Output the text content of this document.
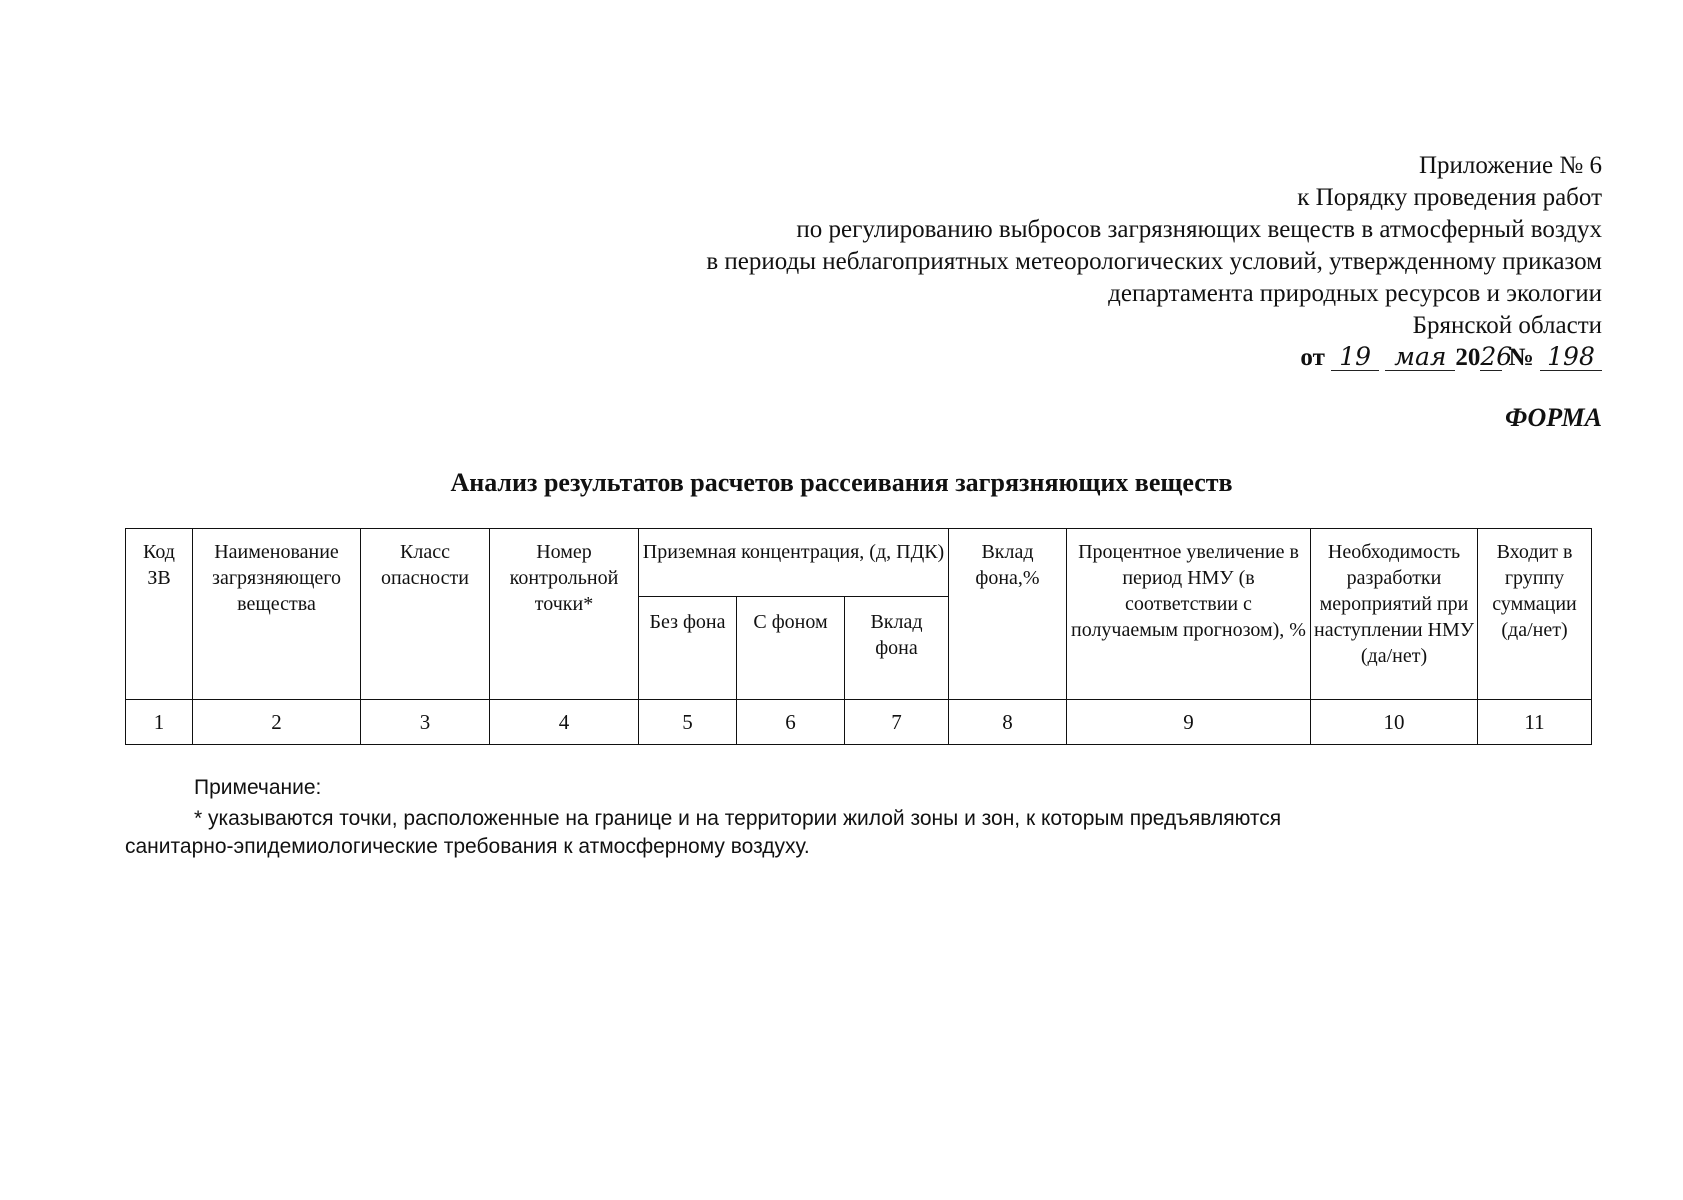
Приложение № 6
к Порядку проведения работ
по регулированию выбросов загрязняющих веществ в атмосферный воздух
в периоды неблагоприятных метеорологических условий, утвержденному приказом
департамента природных ресурсов и экологии
Брянской области
от 19 мая 2026 № 198
ФОРМА
Анализ результатов расчетов рассеивания загрязняющих веществ
Код ЗВ	Наименование загрязняющего вещества	Класс опасности	Номер контрольной точки*	Приземная концентрация, (д, ПДК)			Вклад фона,%	Процентное увеличение в период НМУ (в соответствии с получаемым прогнозом), %	Необходимость разработки мероприятий при наступлении НМУ (да/нет)	Входит в группу суммации (да/нет)
				Без фона	С фоном	Вклад фона				
1	2	3	4	5	6	7	8	9	10	11
Примечание:
* указываются точки, расположенные на границе и на территории жилой зоны и зон, к которым предъявляются санитарно-эпидемиологические требования к атмосферному воздуху.
